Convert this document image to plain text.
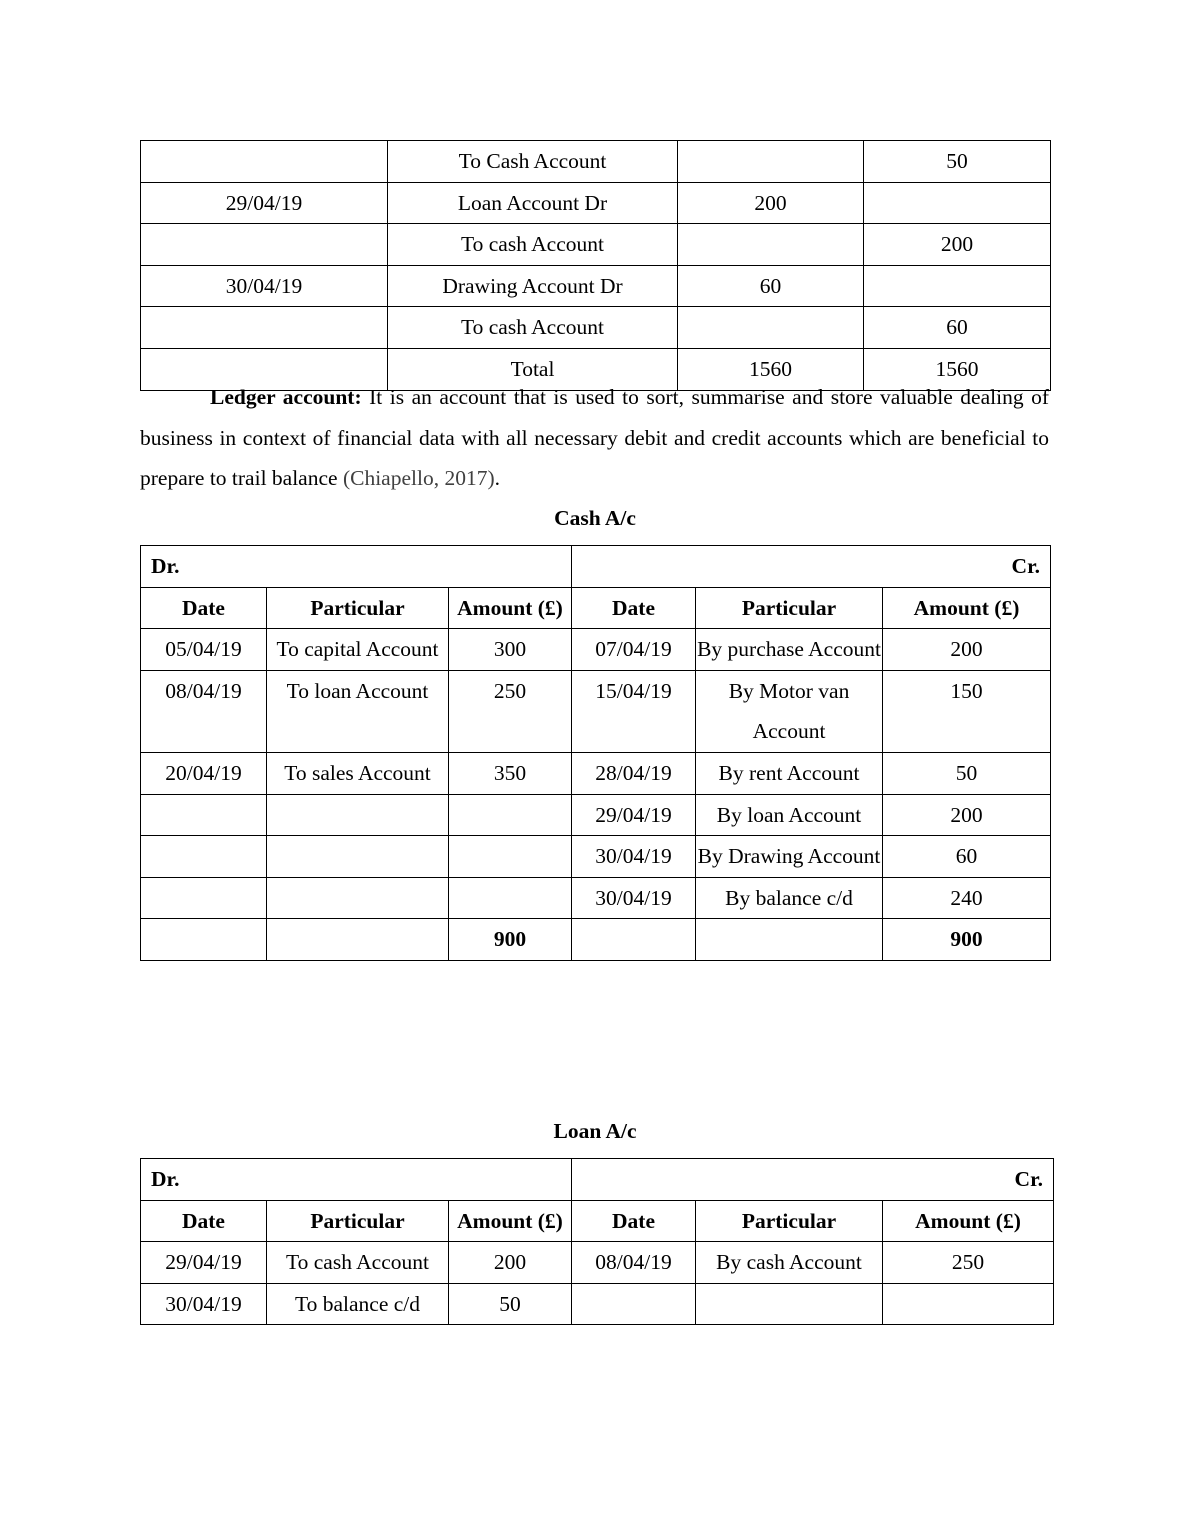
	To Cash Account		50
29/04/19	Loan Account Dr	200	
	To cash Account		200
30/04/19	Drawing Account Dr	60	
	To cash Account		60
	Total	1560	1560

Ledger account: It is an account that is used to sort, summarise and store valuable dealing of business in context of financial data with all necessary debit and credit accounts which are beneficial to prepare to trail balance (Chiapello, 2017).

Cash A/c

Dr.			Cr.		
Date	Particular	Amount (£)	Date	Particular	Amount (£)
05/04/19	To capital Account	300	07/04/19	By purchase Account	200
08/04/19	To loan Account	250	15/04/19	By Motor van Account	150
20/04/19	To sales Account	350	28/04/19	By rent Account	50
			29/04/19	By loan Account	200
			30/04/19	By Drawing Account	60
			30/04/19	By balance c/d	240
		900			900

Loan A/c

Dr.			Cr.		
Date	Particular	Amount (£)	Date	Particular	Amount (£)
29/04/19	To cash Account	200	08/04/19	By cash Account	250
30/04/19	To balance c/d	50			
